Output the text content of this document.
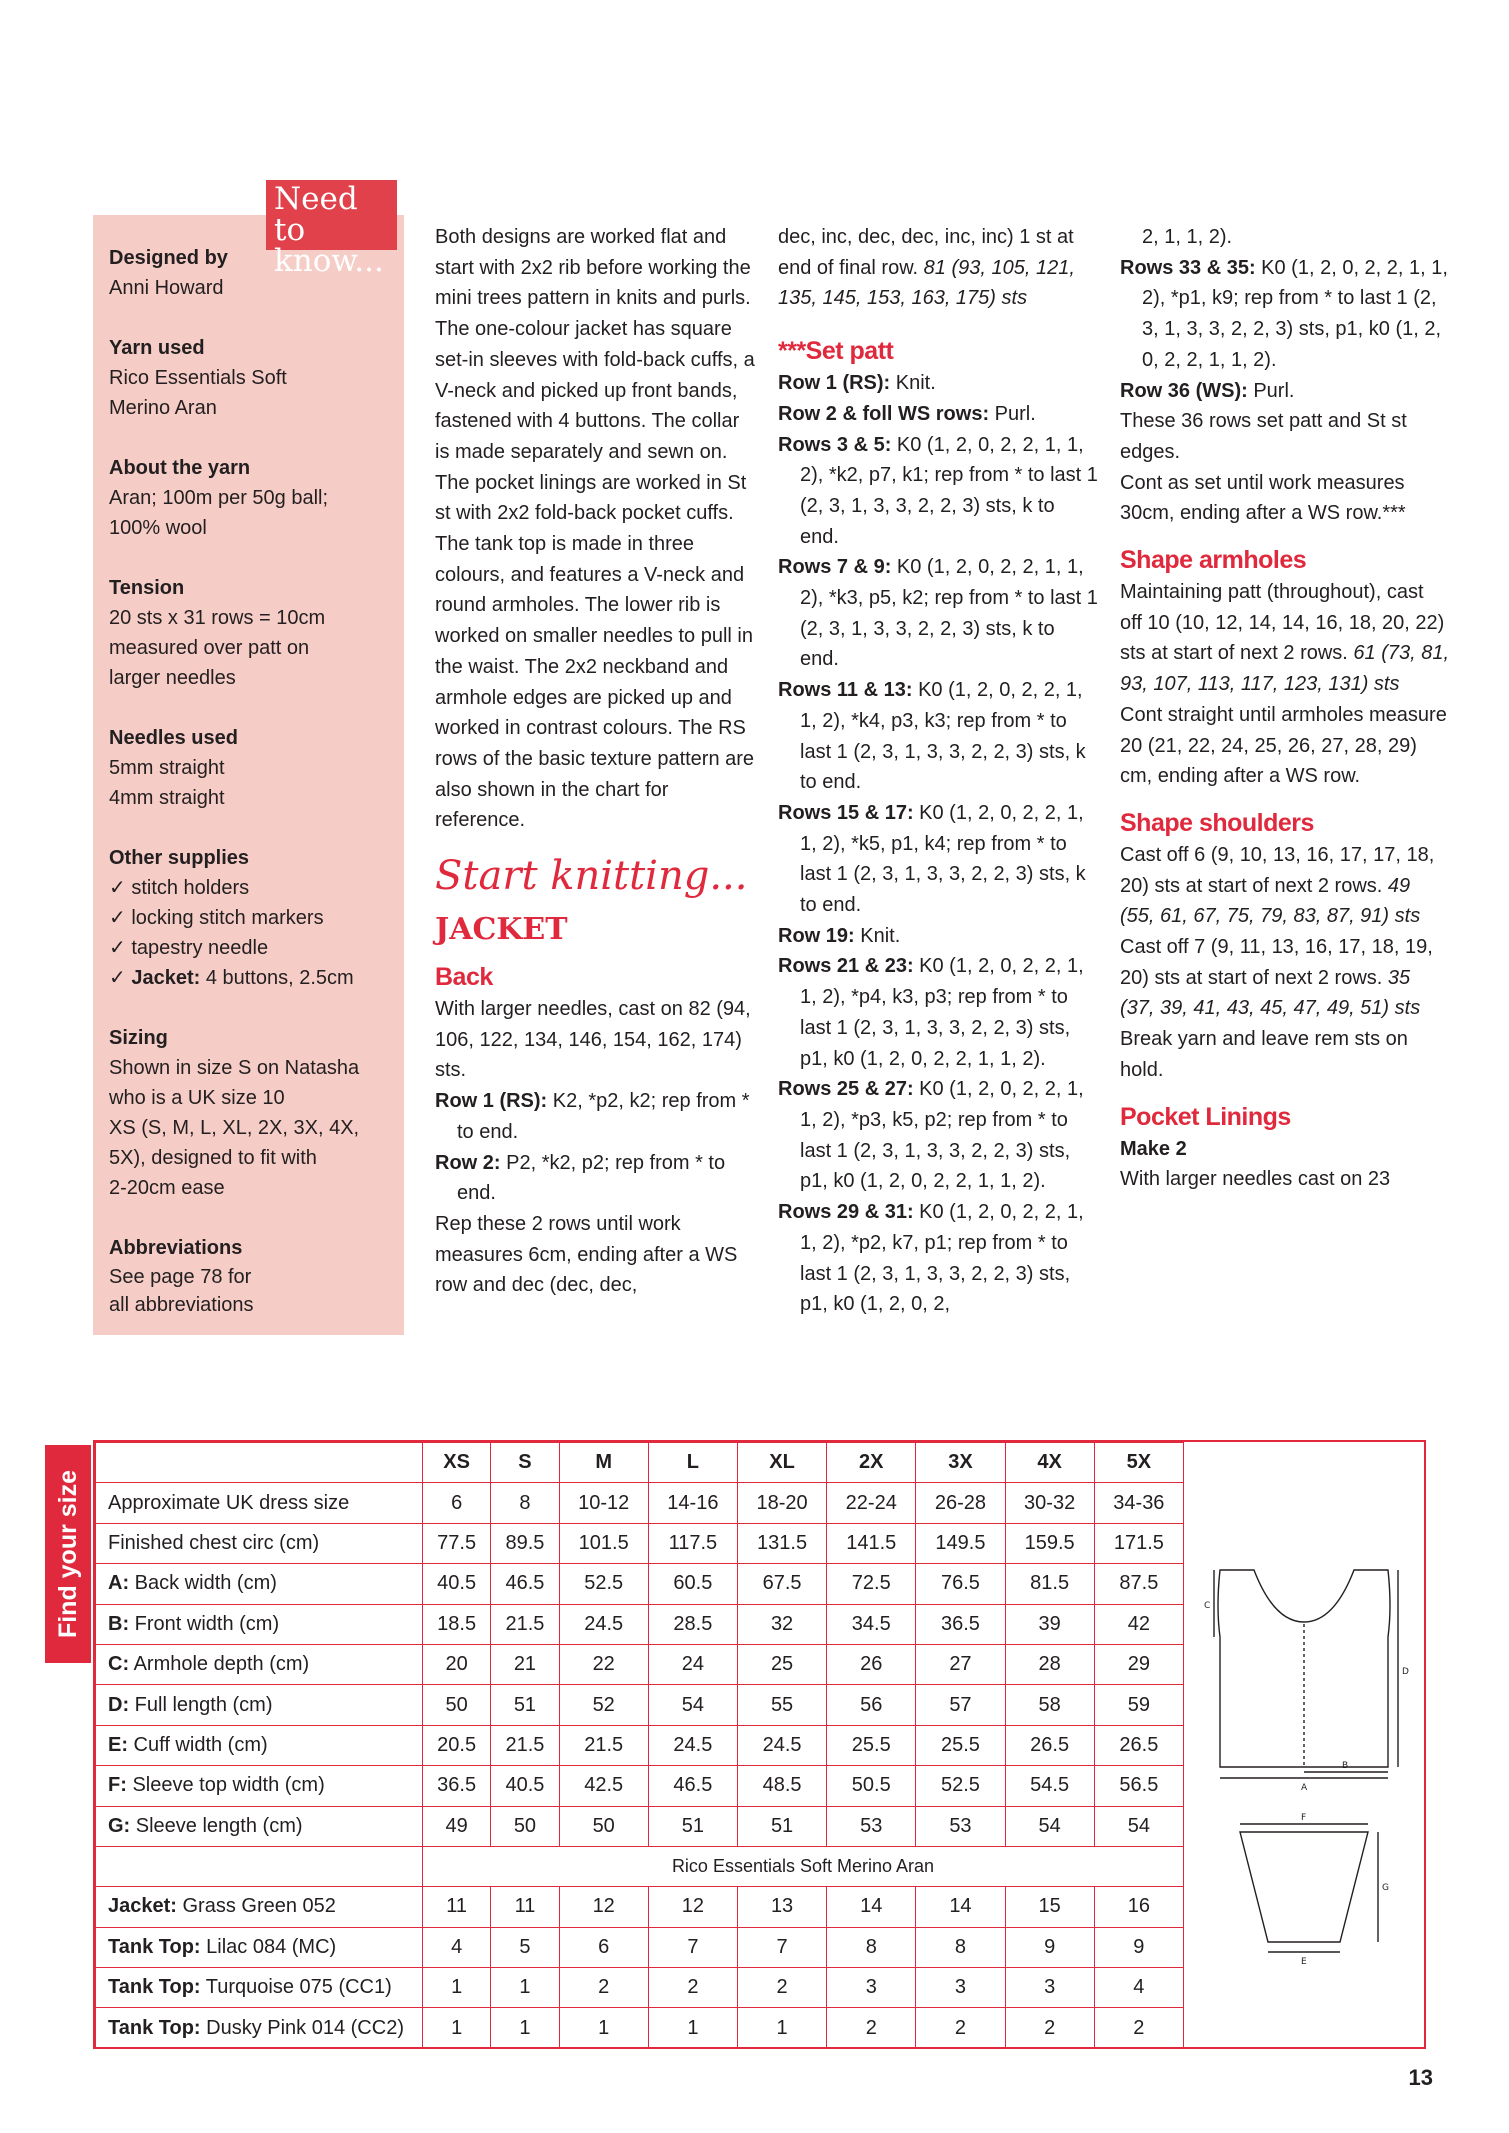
Designed by
Anni Howard
Yarn used
Rico Essentials Soft
Merino Aran
About the yarn
Aran; 100m per 50g ball;
100% wool
Tension
20 sts x 31 rows = 10cm
measured over patt on
larger needles
Needles used
5mm straight
4mm straight
Other supplies
✓ stitch holders
✓ locking stitch markers
✓ tapestry needle
✓ Jacket: 4 buttons, 2.5cm
Sizing
Shown in size S on Natasha
who is a UK size 10
XS (S, M, L, XL, 2X, 3X, 4X,
5X), designed to fit with
2-20cm ease
Abbreviations
See page 78 for
all abbreviations
Need to
know...

Both designs are worked flat and start with 2x2 rib before working the mini trees pattern in knits and purls. The one-colour jacket has square set-in sleeves with fold-back cuffs, a V-neck and picked up front bands, fastened with 4 buttons. The collar is made separately and sewn on. The pocket linings are worked in St st with 2x2 fold-back pocket cuffs. The tank top is made in three colours, and features a V-neck and round armholes. The lower rib is worked on smaller needles to pull in the waist. The 2x2 neckband and armhole edges are picked up and worked in contrast colours. The RS rows of the basic texture pattern are also shown in the chart for reference.

Start knitting...
JACKET
Back

With larger needles, cast on 82 (94, 106, 122, 134, 146, 154, 162, 174) sts.

Row 1 (RS): K2, *p2, k2; rep from * to end.

Row 2: P2, *k2, p2; rep from * to end.

Rep these 2 rows until work measures 6cm, ending after a WS row and dec (dec, dec,

dec, inc, dec, dec, inc, inc) 1 st at end of final row. 81 (93, 105, 121, 135, 145, 153, 163, 175) sts

***Set patt

Row 1 (RS): Knit.

Row 2 & foll WS rows: Purl.

Rows 3 & 5: K0 (1, 2, 0, 2, 2, 1, 1, 2), *k2, p7, k1; rep from * to last 1 (2, 3, 1, 3, 3, 2, 2, 3) sts, k to end.

Rows 7 & 9: K0 (1, 2, 0, 2, 2, 1, 1, 2), *k3, p5, k2; rep from * to last 1 (2, 3, 1, 3, 3, 2, 2, 3) sts, k to end.

Rows 11 & 13: K0 (1, 2, 0, 2, 2, 1, 1, 2), *k4, p3, k3; rep from * to last 1 (2, 3, 1, 3, 3, 2, 2, 3) sts, k to end.

Rows 15 & 17: K0 (1, 2, 0, 2, 2, 1, 1, 2), *k5, p1, k4; rep from * to last 1 (2, 3, 1, 3, 3, 2, 2, 3) sts, k to end.

Row 19: Knit.

Rows 21 & 23: K0 (1, 2, 0, 2, 2, 1, 1, 2), *p4, k3, p3; rep from * to last 1 (2, 3, 1, 3, 3, 2, 2, 3) sts, p1, k0 (1, 2, 0, 2, 2, 1, 1, 2).

Rows 25 & 27: K0 (1, 2, 0, 2, 2, 1, 1, 2), *p3, k5, p2; rep from * to last 1 (2, 3, 1, 3, 3, 2, 2, 3) sts, p1, k0 (1, 2, 0, 2, 2, 1, 1, 2).

Rows 29 & 31: K0 (1, 2, 0, 2, 2, 1, 1, 2), *p2, k7, p1; rep from * to last 1 (2, 3, 1, 3, 3, 2, 2, 3) sts, p1, k0 (1, 2, 0, 2,

2, 1, 1, 2).

Rows 33 & 35: K0 (1, 2, 0, 2, 2, 1, 1, 2), *p1, k9; rep from * to last 1 (2, 3, 1, 3, 3, 2, 2, 3) sts, p1, k0 (1, 2, 0, 2, 2, 1, 1, 2).

Row 36 (WS): Purl.

These 36 rows set patt and St st edges.

Cont as set until work measures 30cm, ending after a WS row.***

Shape armholes

Maintaining patt (throughout), cast off 10 (10, 12, 14, 14, 16, 18, 20, 22) sts at start of next 2 rows. 61 (73, 81, 93, 107, 113, 117, 123, 131) sts

Cont straight until armholes measure 20 (21, 22, 24, 25, 26, 27, 28, 29) cm, ending after a WS row.

Shape shoulders

Cast off 6 (9, 10, 13, 16, 17, 17, 18, 20) sts at start of next 2 rows. 49 (55, 61, 67, 75, 79, 83, 87, 91) sts

Cast off 7 (9, 11, 13, 16, 17, 18, 19, 20) sts at start of next 2 rows. 35 (37, 39, 41, 43, 45, 47, 49, 51) sts

Break yarn and leave rem sts on hold.

Pocket Linings

Make 2

With larger needles cast on 23

Find your size
	XS	S	M	L	XL	2X	3X	4X	5X
Approximate UK dress size	6	8	10-12	14-16	18-20	22-24	26-28	30-32	34-36
Finished chest circ (cm)	77.5	89.5	101.5	117.5	131.5	141.5	149.5	159.5	171.5
A: Back width (cm)	40.5	46.5	52.5	60.5	67.5	72.5	76.5	81.5	87.5
B: Front width (cm)	18.5	21.5	24.5	28.5	32	34.5	36.5	39	42
C: Armhole depth (cm)	20	21	22	24	25	26	27	28	29
D: Full length (cm)	50	51	52	54	55	56	57	58	59
E: Cuff width (cm)	20.5	21.5	21.5	24.5	24.5	25.5	25.5	26.5	26.5
F: Sleeve top width (cm)	36.5	40.5	42.5	46.5	48.5	50.5	52.5	54.5	56.5
G: Sleeve length (cm)	49	50	50	51	51	53	53	54	54
	Rico Essentials Soft Merino Aran								
Jacket: Grass Green 052	11	11	12	12	13	14	14	15	16
Tank Top: Lilac 084 (MC)	4	5	6	7	7	8	8	9	9
Tank Top: Turquoise 075 (CC1)	1	1	2	2	2	3	3	3	4
Tank Top: Dusky Pink 014 (CC2)	1	1	1	1	1	2	2	2	2
C
D
A
B
F
E
G
13
